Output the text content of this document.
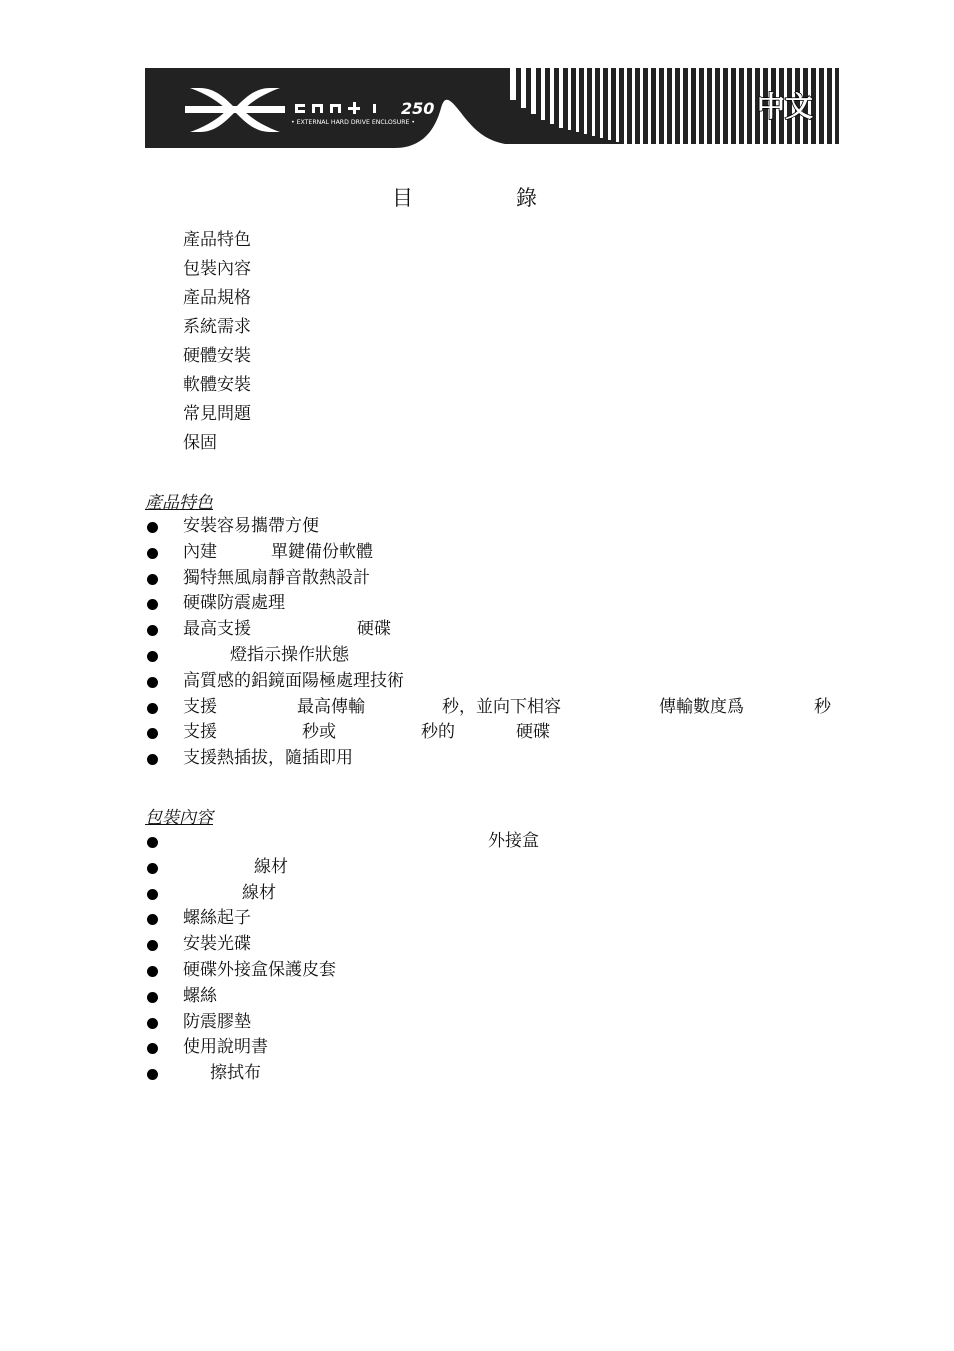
250
• EXTERNAL HARD DRIVE ENCLOSURE •	中文
目	錄
產品特色
包裝內容
產品規格
系統需求
硬體安裝
軟體安裝
常見問題
保固
產品特色
安裝容易攜帶方便
內建	單鍵備份軟體
獨特無風扇靜音散熱設計
硬碟防震處理
最高支援	硬碟
燈指示操作狀態
高質感的鋁鏡面陽極處理技術
支援	最高傳輸	秒，並向下相容	傳輸數度爲	秒
支援	秒或	秒的	硬碟
支援熱插拔，隨插即用
包裝內容
外接盒
線材
線材
螺絲起子
安裝光碟
硬碟外接盒保護皮套
螺絲
防震膠墊
使用說明書
擦拭布
